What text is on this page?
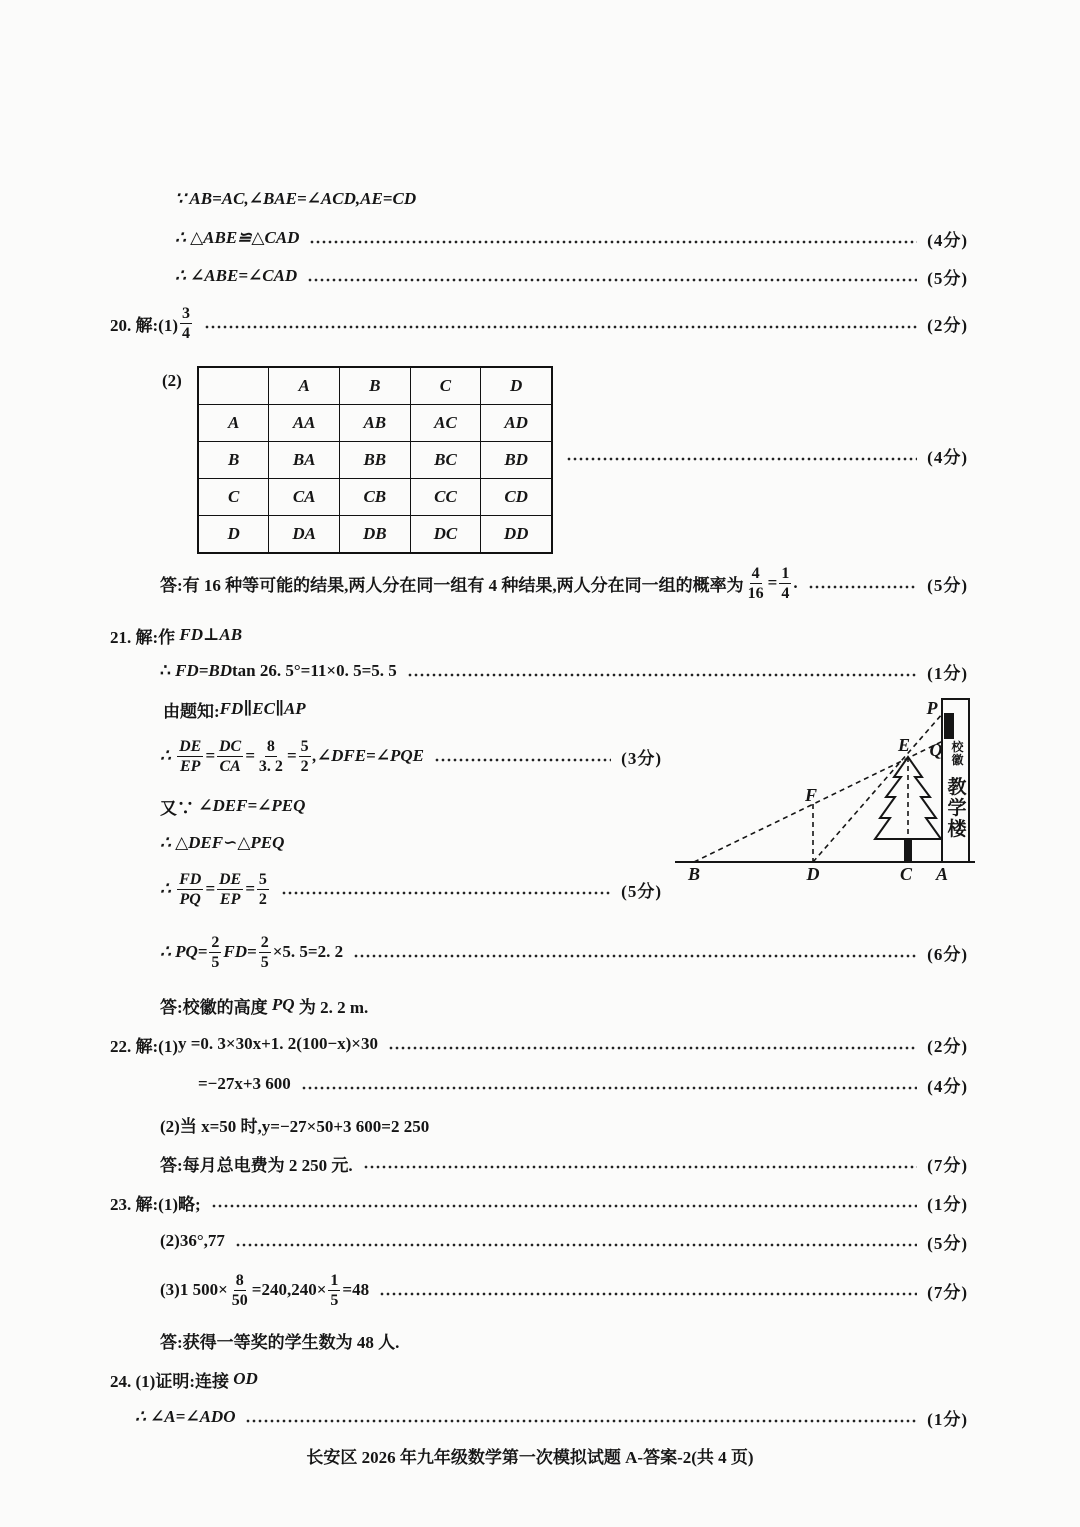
∵ AB=AC,∠BAE=∠ACD,AE=CD
∴ △ABE≌△CAD	(4分)
∴ ∠ABE=∠CAD	(5分)
20. 解:(1) $\frac{3}{4}$	(2分)
(2)
		A	B	C	D
A	AA	AB	AC	AD
B	BA	BB	BC	BD
C	CA	CB	CC	CD
D	DA	DB	DC	DD
(4分)
答:有 16 种等可能的结果,两人分在同一组有 4 种结果,两人分在同一组的概率为 $\frac{4}{16} = \frac{1}{4}$ .	(5分)
21. 解:作 FD⊥AB
∴ FD=BD tan 26. 5°=11×0. 5=5. 5	(1分)
由题知: FD∥EC∥AP
∴ $\frac{DE}{EP} = \frac{DC}{CA} = \frac{8}{3. 2} = \frac{5}{2}$ ,∠DFE=∠PQE	(3分)
又∵ ∠DEF=∠PEQ
∴ △DEF∽△PEQ
∴ $\frac{FD}{PQ} = \frac{DE}{EP} = \frac{5}{2}$	(5分)
∴ $PQ= \frac{2}{5} FD= \frac{2}{5} \times 5$. 5=2. 2	(6分)
答:校徽的高度 PQ 为 2. 2 m.
P
Q
E
F
B	D	C A
校徽
教学楼
22. 解:(1) y =0. 3×30x+1. 2(100−x)×30	(2分)
=−27x+3 600	(4分)
(2)当 x=50 时,y=−27×50+3 600=2 250
答:每月总电费为 2 250 元.	(7分)
23. 解:(1)略;	(1分)
(2)36°,77	(5分)
(3)1 $500\times \frac{8}{50} =240,240\times \frac{1}{5} =48$	(7分)
答:获得一等奖的学生数为 48 人.
24. (1)证明:连接 OD
∴ ∠A=∠ADO	(1分)
长安区 2026 年九年级数学第一次模拟试题 A-答案-2(共 4 页)
